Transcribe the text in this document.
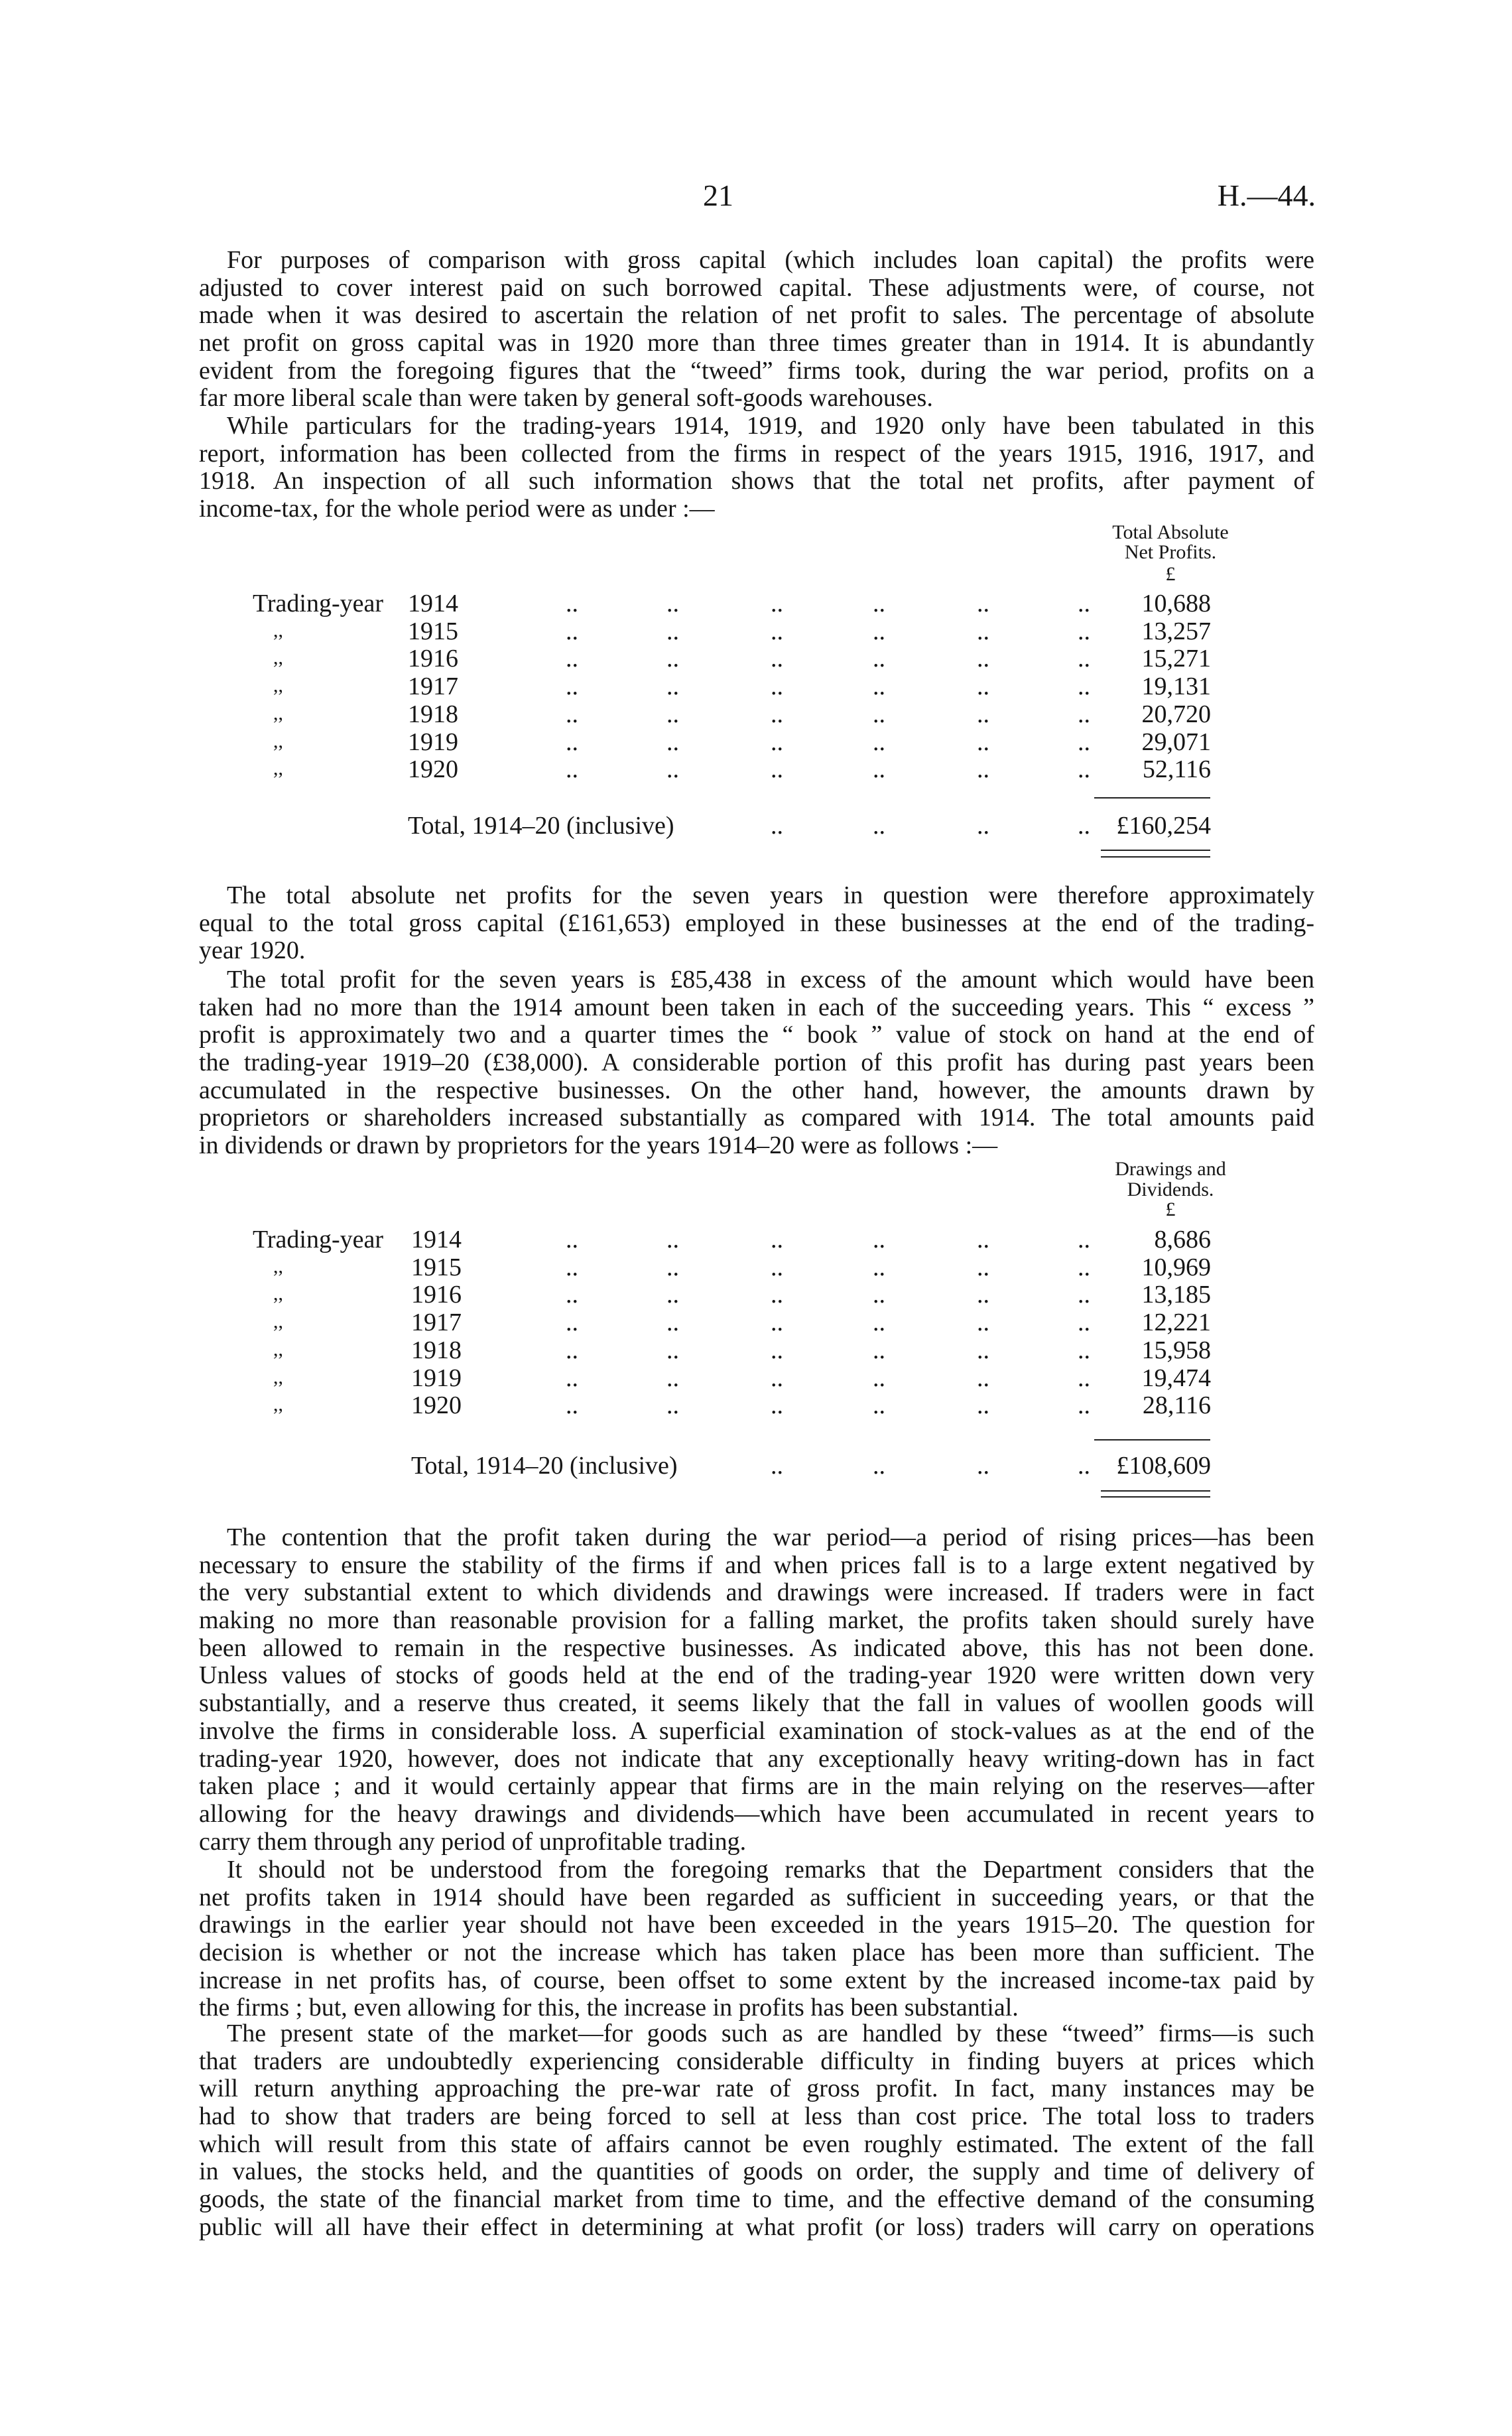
21	H.—44.
For purposes of comparison with gross capital (which includes loan capital) the profits were
adjusted to cover interest paid on such borrowed capital. These adjustments were, of course, not
made when it was desired to ascertain the relation of net profit to sales. The percentage of absolute
net profit on gross capital was in 1920 more than three times greater than in 1914. It is abundantly
evident from the foregoing figures that the “tweed” firms took, during the war period, profits on a
far more liberal scale than were taken by general soft-goods warehouses.
While particulars for the trading-years 1914, 1919, and 1920 only have been tabulated in this
report, information has been collected from the firms in respect of the years 1915, 1916, 1917, and
1918. An inspection of all such information shows that the total net profits, after payment of
income-tax, for the whole period were as under :—
The total absolute net profits for the seven years in question were therefore approximately
equal to the total gross capital (£161,653) employed in these businesses at the end of the trading-
year 1920.
The total profit for the seven years is £85,438 in excess of the amount which would have been
taken had no more than the 1914 amount been taken in each of the succeeding years. This “ excess ”
profit is approximately two and a quarter times the “ book ” value of stock on hand at the end of
the trading-year 1919–20 (£38,000). A considerable portion of this profit has during past years been
accumulated in the respective businesses. On the other hand, however, the amounts drawn by
proprietors or shareholders increased substantially as compared with 1914. The total amounts paid
in dividends or drawn by proprietors for the years 1914–20 were as follows :—
The contention that the profit taken during the war period—a period of rising prices—has been
necessary to ensure the stability of the firms if and when prices fall is to a large extent negatived by
the very substantial extent to which dividends and drawings were increased. If traders were in fact
making no more than reasonable provision for a falling market, the profits taken should surely have
been allowed to remain in the respective businesses. As indicated above, this has not been done.
Unless values of stocks of goods held at the end of the trading-year 1920 were written down very
substantially, and a reserve thus created, it seems likely that the fall in values of woollen goods will
involve the firms in considerable loss. A superficial examination of stock-values as at the end of the
trading-year 1920, however, does not indicate that any exceptionally heavy writing-down has in fact
taken place ; and it would certainly appear that firms are in the main relying on the reserves—after
allowing for the heavy drawings and dividends—which have been accumulated in recent years to
carry them through any period of unprofitable trading.
It should not be understood from the foregoing remarks that the Department considers that the
net profits taken in 1914 should have been regarded as sufficient in succeeding years, or that the
drawings in the earlier year should not have been exceeded in the years 1915–20. The question for
decision is whether or not the increase which has taken place has been more than sufficient. The
increase in net profits has, of course, been offset to some extent by the increased income-tax paid by
the firms ; but, even allowing for this, the increase in profits has been substantial.
The present state of the market—for goods such as are handled by these “tweed” firms—is such
that traders are undoubtedly experiencing considerable difficulty in finding buyers at prices which
will return anything approaching the pre-war rate of gross profit. In fact, many instances may be
had to show that traders are being forced to sell at less than cost price. The total loss to traders
which will result from this state of affairs cannot be even roughly estimated. The extent of the fall
in values, the stocks held, and the quantities of goods on order, the supply and time of delivery of
goods, the state of the financial market from time to time, and the effective demand of the consuming
public will all have their effect in determining at what profit (or loss) traders will carry on operations
Total Absolute
Net Profits.
£
Trading-year 1914	..	..	..	..	..	..	10,688
,,	1915	..	..	..	..	..	..	13,257
,,	1916	..	..	..	..	..	..	15,271
,,	1917	..	..	..	..	..	..	19,131
,,	1918	..	..	..	..	..	..	20,720
,,	1919	..	..	..	..	..	..	29,071
,,	1920	..	..	..	..	..	..	52,116
Total, 1914–20 (inclusive)	..	..	..	..	£160,254
Drawings and
Dividends.
£
Trading-year 1914	..	..	..	..	..	..	8,686
,,	1915	..	..	..	..	..	..	10,969
,,	1916	..	..	..	..	..	..	13,185
,,	1917	..	..	..	..	..	..	12,221
,,	1918	..	..	..	..	..	..	15,958
,,	1919	..	..	..	..	..	..	19,474
,,	1920	..	..	..	..	..	..	28,116
Total, 1914–20 (inclusive)	..	..	..	..	£108,609
